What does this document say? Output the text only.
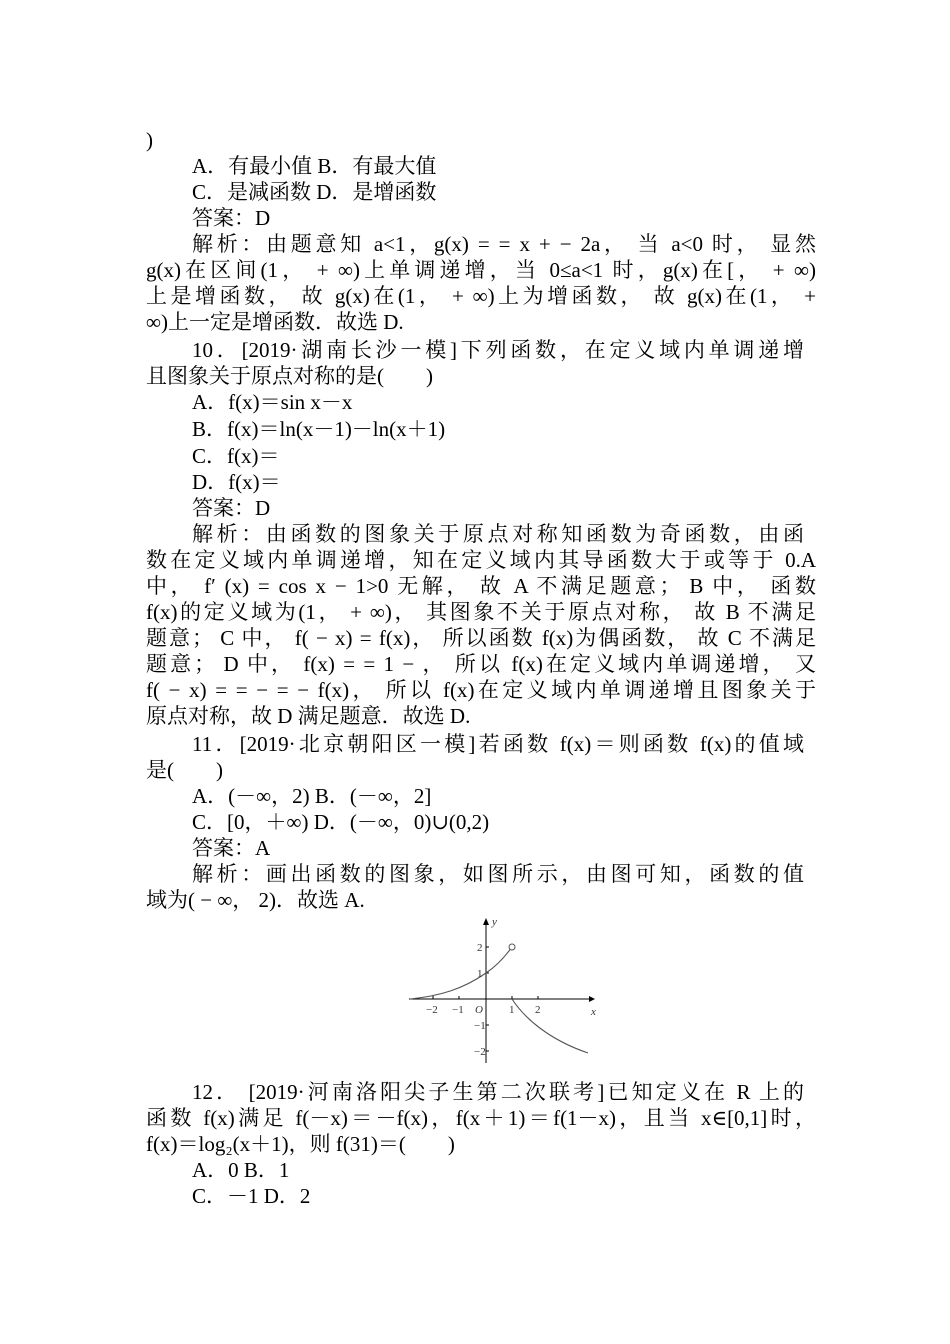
)
A．有最小值 B．有最大值
C．是减函数 D．是增函数
答案：D
解析：由题意知 a<1，g(x) = = x + − 2a， 当 a<0 时， 显然
g(x)在区间(1， + ∞)上单调递增，当 0≤a<1 时，g(x)在[， + ∞)
上是增函数， 故 g(x)在(1， + ∞)上为增函数， 故 g(x)在(1， +
∞)上一定是增函数．故选 D.
10．[2019·湖南长沙一模]下列函数，在定义域内单调递增
且图象关于原点对称的是(　　)
A．f(x)＝sin x－x
B．f(x)＝ln(x－1)－ln(x＋1)
C．f(x)＝
D．f(x)＝
答案：D
解析：由函数的图象关于原点对称知函数为奇函数，由函
数在定义域内单调递增，知在定义域内其导函数大于或等于 0.A
中， f′ (x) = cos x − 1>0 无解， 故 A 不满足题意； B 中， 函数
f(x)的定义域为(1， + ∞)， 其图象不关于原点对称， 故 B 不满足
题意； C 中， f( − x) = f(x)， 所以函数 f(x)为偶函数， 故 C 不满足
题意； D 中， f(x) = = 1 − ， 所以 f(x)在定义域内单调递增， 又
f( − x) = = − = − f(x)， 所以 f(x)在定义域内单调递增且图象关于
原点对称，故 D 满足题意．故选 D.
11．[2019·北京朝阳区一模]若函数 f(x)＝则函数 f(x)的值域
是(　　)
A．(－∞，2) B．(－∞，2]
C．[0，＋∞) D．(－∞，0)∪(0,2)
答案：A
解析：画出函数的图象，如图所示，由图可知，函数的值
域为( − ∞， 2)．故选 A.
x
y
O
−2 −1	1 2
2
1
−1
−2
12． [2019·河南洛阳尖子生第二次联考]已知定义在 R 上的
函数 f(x)满足 f(－x)＝－f(x)，f(x＋1)＝f(1－x)，且当 x∈[0,1]时，
f(x)＝log₂(x＋1)，则 f(31)＝(　　)
A．0 B．1
C．－1 D．2
